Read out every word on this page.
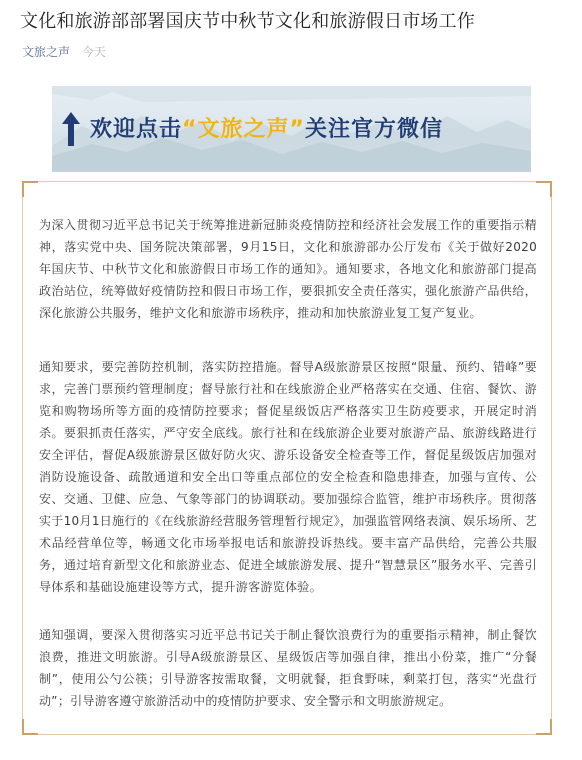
文化和旅游部部署国庆节中秋节文化和旅游假日市场工作
文旅之声 今天
欢迎点击“文旅之声”关注官方微信
为深入贯彻习近平总书记关于统筹推进新冠肺炎疫情防控和经济社会发展工作的重要指示精神，落实党中央、国务院决策部署，9月15日，文化和旅游部办公厅发布《关于做好2020年国庆节、中秋节文化和旅游假日市场工作的通知》。通知要求，各地文化和旅游部门提高政治站位，统筹做好疫情防控和假日市场工作，要狠抓安全责任落实，强化旅游产品供给，深化旅游公共服务，维护文化和旅游市场秩序，推动和加快旅游业复工复产复业。
通知要求，要完善防控机制，落实防控措施。督导A级旅游景区按照“限量、预约、错峰”要求，完善门票预约管理制度；督导旅行社和在线旅游企业严格落实在交通、住宿、餐饮、游览和购物场所等方面的疫情防控要求；督促星级饭店严格落实卫生防疫要求，开展定时消杀。要狠抓责任落实，严守安全底线。旅行社和在线旅游企业要对旅游产品、旅游线路进行安全评估，督促A级旅游景区做好防火灾、游乐设备安全检查等工作，督促星级饭店加强对消防设施设备、疏散通道和安全出口等重点部位的安全检查和隐患排查，加强与宣传、公安、交通、卫健、应急、气象等部门的协调联动。要加强综合监管，维护市场秩序。贯彻落实于10月1日施行的《在线旅游经营服务管理暂行规定》，加强监管网络表演、娱乐场所、艺术品经营单位等，畅通文化市场举报电话和旅游投诉热线。要丰富产品供给，完善公共服务，通过培育新型文化和旅游业态、促进全域旅游发展、提升“智慧景区”服务水平、完善引导体系和基础设施建设等方式，提升游客游览体验。
通知强调，要深入贯彻落实习近平总书记关于制止餐饮浪费行为的重要指示精神，制止餐饮浪费，推进文明旅游。引导A级旅游景区、星级饭店等加强自律，推出小份菜，推广“分餐制”，使用公勺公筷；引导游客按需取餐，文明就餐，拒食野味，剩菜打包，落实“光盘行动”；引导游客遵守旅游活动中的疫情防护要求、安全警示和文明旅游规定。
